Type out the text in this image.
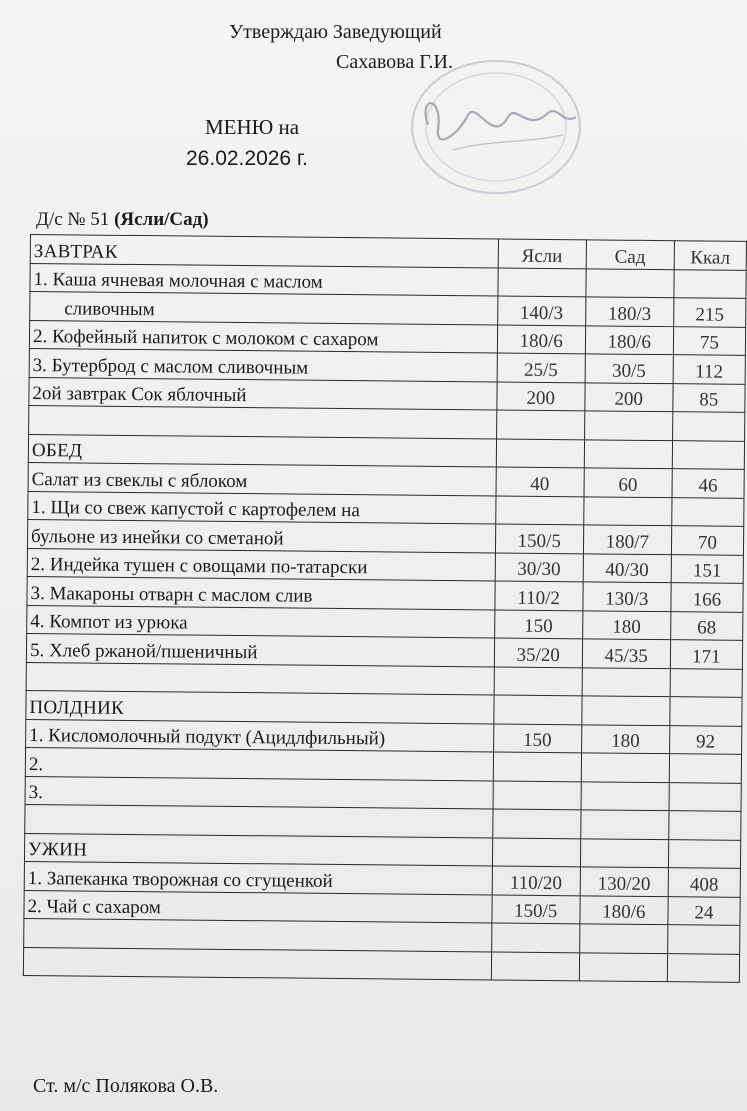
Утверждаю Заведующий
Сахавова Г.И.
МЕНЮ на
26.02.2026 г.
Д/с № 51 (Ясли/Сад)
ЗАВТРАК	Ясли	Сад	Ккал
1. Каша ячневая молочная с маслом			
сливочным	140/3	180/3	215
2. Кофейный напиток с молоком с сахаром	180/6	180/6	75
3. Бутерброд с маслом сливочным	25/5	30/5	112
2ой завтрак Сок яблочный	200	200	85

ОБЕД			
Салат из свеклы с яблоком	40	60	46
1. Щи со свеж капустой с картофелем на			
бульоне из инейки со сметаной	150/5	180/7	70
2. Индейка тушен с овощами по-татарски	30/30	40/30	151
3. Макароны отварн с маслом слив	110/2	130/3	166
4. Компот из урюка	150	180	68
5. Хлеб ржаной/пшеничный	35/20	45/35	171

ПОЛДНИК			
1. Кисломолочный подукт (Ацидлфильный)	150	180	92
2.			
3.			

УЖИН			
1. Запеканка творожная со сгущенкой	110/20	130/20	408
2. Чай с сахаром	150/5	180/6	24

Ст. м/с Полякова О.В.
